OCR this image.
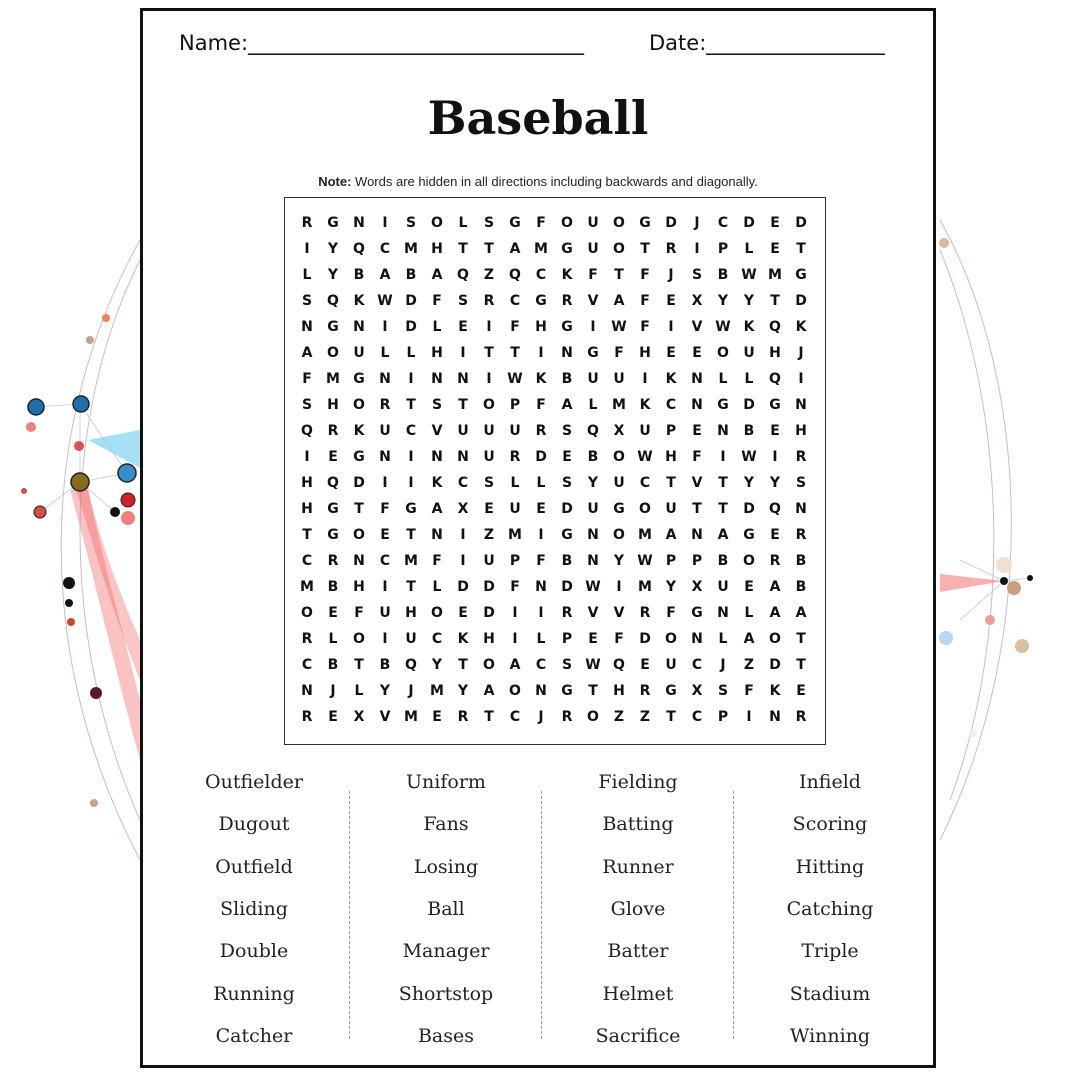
Name:________________________________	Date:_________________
Baseball
Note: Words are hidden in all directions including backwards and diagonally.
R	G	N	I	S	O	L	S	G	F	O	U	O	G	D	J	C	D	E	D
I	Y	Q	C M H	T	T	A M G	U	O	T	R	I	P	L	E	T
L	Y	B	A	B	A	Q	Z	Q	C	K	F	T	F	J	S	B W M G
S	Q	K W D	F	S	R	C	G	R	V	A	F	E	X	Y	Y	T	D
N	G	N	I	D	L	E	I	F	H	G	I	W F	I	V W K	Q	K
A	O	U	L	L	H	I	T	T	I	N	G	F	H	E	E	O	U	H	J
F	M G	N	I	N	N	I	W K	B	U	U	I	K	N	L	L	Q	I
S	H	O	R	T	S	T	O	P	F	A	L	M K	C	N	G	D	G	N
Q	R	K	U	C	V	U	U	U	R	S	Q	X	U	P	E	N	B	E	H
I	E	G	N	I	N	N	U	R	D	E	B	O W H	F	I	W	I	R
H	Q	D	I	I	K	C	S	L	L	S	Y	U	C	T	V	T	Y	Y	S
H	G	T	F	G	A	X	E	U	E	D	U	G	O	U	T	T	D	Q	N
T	G	O	E	T	N	I	Z M	I	G	N	O M A	N	A	G	E	R
C	R	N	C M	F	I	U	P	F	B	N	Y W P	P	B	O	R	B
M B	H	I	T	L	D	D	F	N	D W	I	M Y	X	U	E	A	B
O	E	F	U	H	O	E	D	I	I	R	V	V	R	F	G	N	L	A	A
R	L	O	I	U	C	K	H	I	L	P	E	F	D	O	N	L	A	O	T
C	B	T	B	Q	Y	T	O	A	C	S W Q	E	U	C	J	Z	D	T
N	J	L	Y	J	M Y	A	O	N	G	T	H	R	G	X	S	F	K	E
R	E	X	V M	E	R	T	C	J	R	O	Z	Z	T	C	P	I	N	R
Outfielder
Dugout
Outfield
Sliding
Double
Running
Catcher
Uniform
Fans
Losing
Ball
Manager
Shortstop
Bases
Fielding
Batting
Runner
Glove
Batter
Helmet
Sacrifice
Infield
Scoring
Hitting
Catching
Triple
Stadium
Winning
